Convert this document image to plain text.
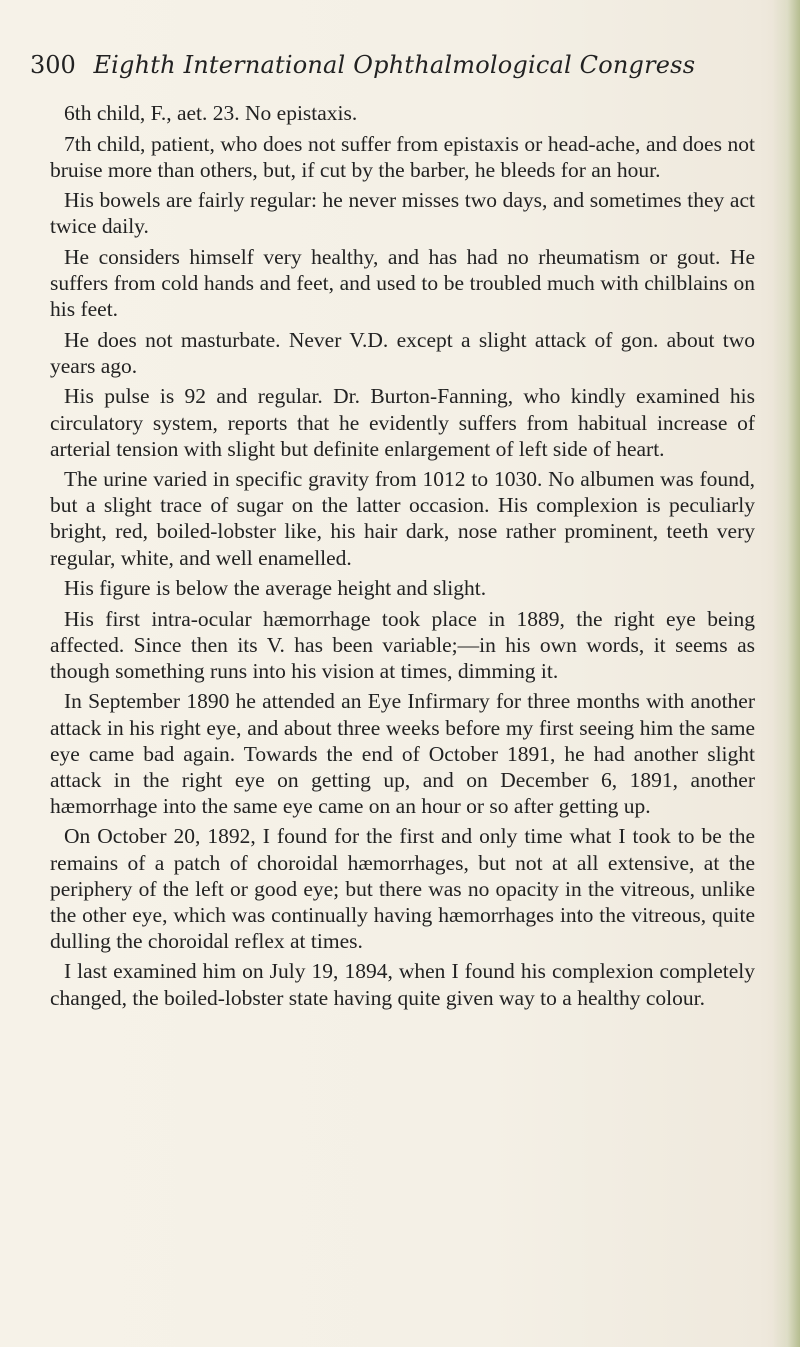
300 Eighth International Ophthalmological Congress

6th child, F., aet. 23. No epistaxis.

7th child, patient, who does not suffer from epistaxis or head-ache, and does not bruise more than others, but, if cut by the barber, he bleeds for an hour.

His bowels are fairly regular: he never misses two days, and sometimes they act twice daily.

He considers himself very healthy, and has had no rheumatism or gout. He suffers from cold hands and feet, and used to be troubled much with chilblains on his feet.

He does not masturbate. Never V.D. except a slight attack of gon. about two years ago.

His pulse is 92 and regular. Dr. Burton-Fanning, who kindly examined his circulatory system, reports that he evidently suffers from habitual increase of arterial tension with slight but definite enlargement of left side of heart.

The urine varied in specific gravity from 1012 to 1030. No albumen was found, but a slight trace of sugar on the latter occasion. His complexion is peculiarly bright, red, boiled-lobster like, his hair dark, nose rather prominent, teeth very regular, white, and well enamelled.

His figure is below the average height and slight.

His first intra-ocular hæmorrhage took place in 1889, the right eye being affected. Since then its V. has been variable;—in his own words, it seems as though something runs into his vision at times, dimming it.

In September 1890 he attended an Eye Infirmary for three months with another attack in his right eye, and about three weeks before my first seeing him the same eye came bad again. Towards the end of October 1891, he had another slight attack in the right eye on getting up, and on December 6, 1891, another hæmorrhage into the same eye came on an hour or so after getting up.

On October 20, 1892, I found for the first and only time what I took to be the remains of a patch of choroidal hæmorrhages, but not at all extensive, at the periphery of the left or good eye; but there was no opacity in the vitreous, unlike the other eye, which was continually having hæmorrhages into the vitreous, quite dulling the choroidal reflex at times.

I last examined him on July 19, 1894, when I found his complexion completely changed, the boiled-lobster state having quite given way to a healthy colour.
